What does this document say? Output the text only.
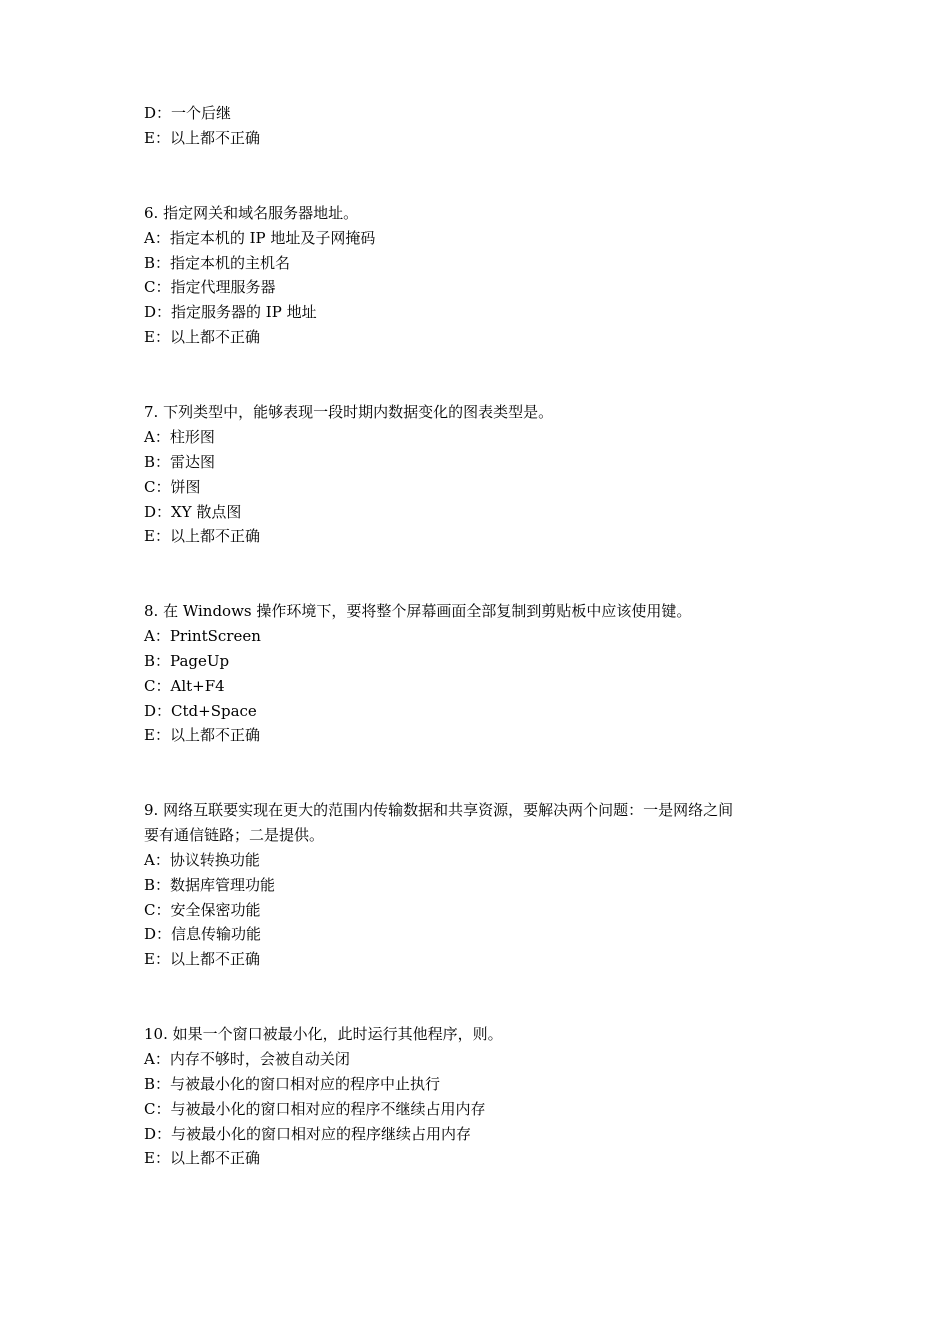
D：一个后继
E：以上都不正确
6. 指定网关和域名服务器地址。
A：指定本机的 IP 地址及子网掩码
B：指定本机的主机名
C：指定代理服务器
D：指定服务器的 IP 地址
E：以上都不正确
7. 下列类型中，能够表现一段时期内数据变化的图表类型是。
A：柱形图
B：雷达图
C：饼图
D：XY 散点图
E：以上都不正确
8. 在 Windows 操作环境下，要将整个屏幕画面全部复制到剪贴板中应该使用键。
A：PrintScreen
B：PageUp
C：Alt+F4
D：Ctd+Space
E：以上都不正确
9. 网络互联要实现在更大的范围内传输数据和共享资源，要解决两个问题：一是网络之间
要有通信链路；二是提供。
A：协议转换功能
B：数据库管理功能
C：安全保密功能
D：信息传输功能
E：以上都不正确
10. 如果一个窗口被最小化，此时运行其他程序，则。
A：内存不够时，会被自动关闭
B：与被最小化的窗口相对应的程序中止执行
C：与被最小化的窗口相对应的程序不继续占用内存
D：与被最小化的窗口相对应的程序继续占用内存
E：以上都不正确
